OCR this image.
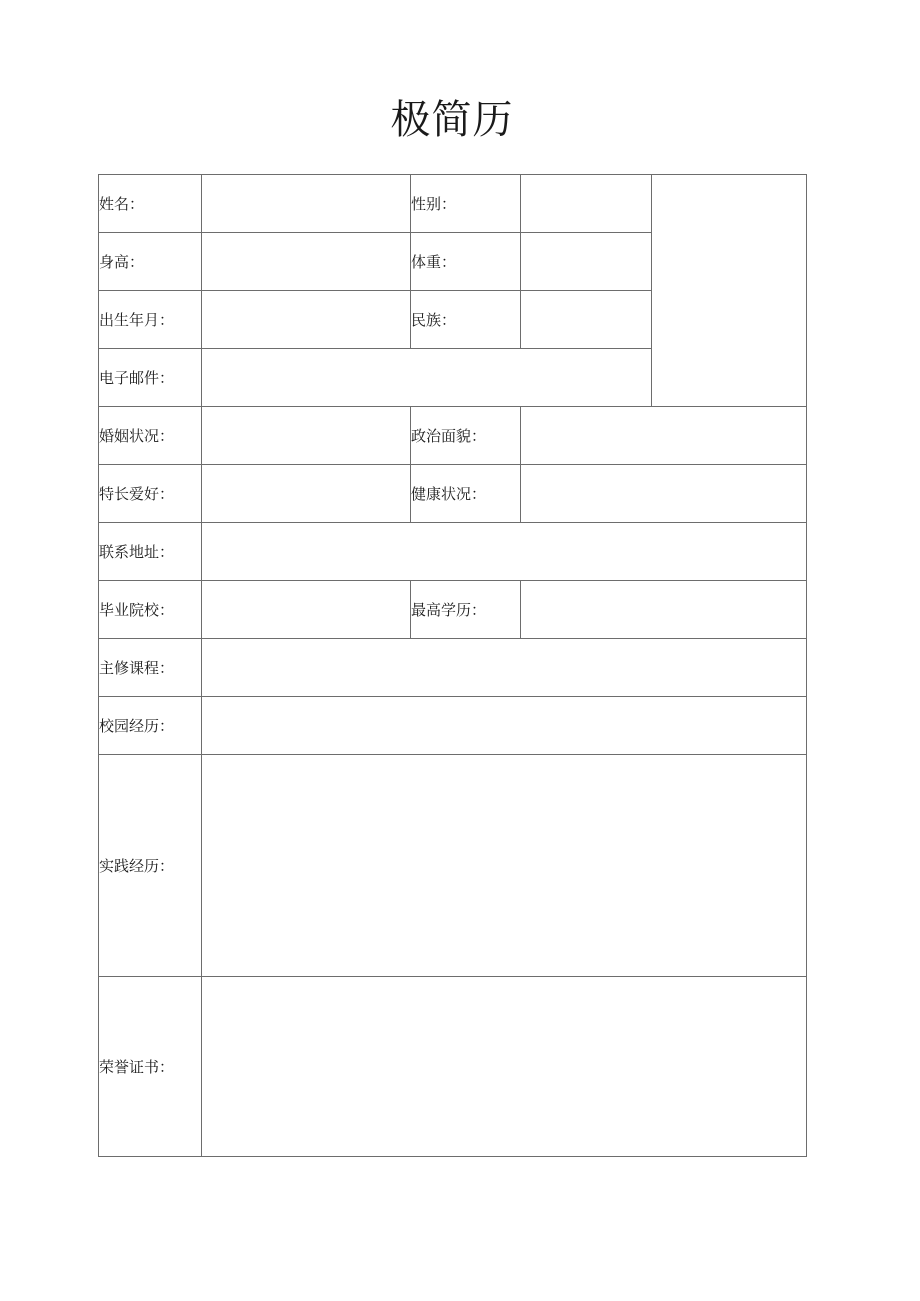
极简历
姓名：		性别：		
身高：		体重：		
出生年月：		民族：		
电子邮件：				
婚姻状况：		政治面貌：		
特长爱好：		健康状况：		
联系地址：				
毕业院校：		最高学历：		
主修课程：				
校园经历：				
实践经历：				
荣誉证书：				
